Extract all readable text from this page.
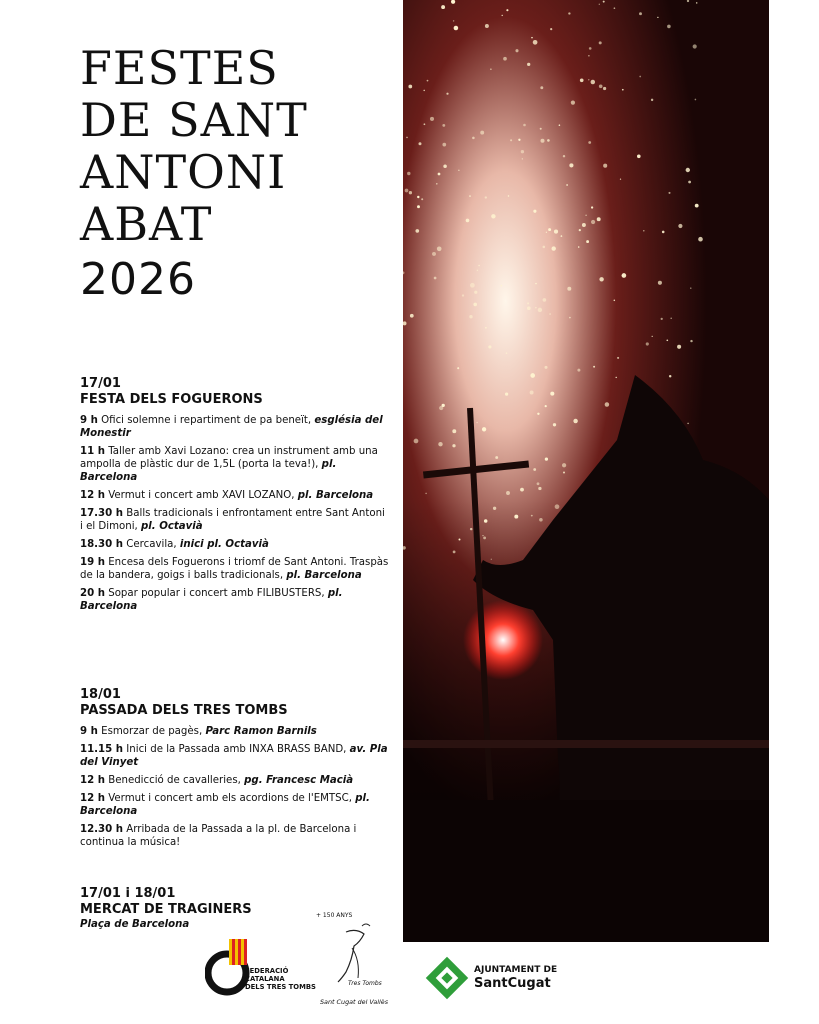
FESTES
DE SANT
ANTONI
ABAT
2026
17/01
FESTA DELS FOGUERONS
9 h Ofici solemne i repartiment de pa beneït, església del Monestir
11 h Taller amb Xavi Lozano: crea un instrument amb una ampolla de plàstic dur de 1,5L (porta la teva!), pl. Barcelona
12 h Vermut i concert amb XAVI LOZANO, pl. Barcelona
17.30 h Balls tradicionals i enfrontament entre Sant Antoni i el Dimoni, pl. Octavià
18.30 h Cercavila, inici pl. Octavià
19 h Encesa dels Foguerons i triomf de Sant Antoni. Traspàs de la bandera, goigs i balls tradicionals, pl. Barcelona
20 h Sopar popular i concert amb FILIBUSTERS, pl. Barcelona
18/01
PASSADA DELS TRES TOMBS
9 h Esmorzar de pagès, Parc Ramon Barnils
11.15 h Inici de la Passada amb INXA BRASS BAND, av. Pla del Vinyet
12 h Benedicció de cavalleries, pg. Francesc Macià
12 h Vermut i concert amb els acordions de l'EMTSC, pl. Barcelona
12.30 h Arribada de la Passada a la pl. de Barcelona i continua la música!
17/01 i 18/01
MERCAT DE TRAGINERS
Plaça de Barcelona
FEDERACIÓ
CATALANA
DELS TRES TOMBS
+ 150 ANYS
Tres Tombs
Sant Cugat del Vallès
AJUNTAMENT DE
SantCugat
